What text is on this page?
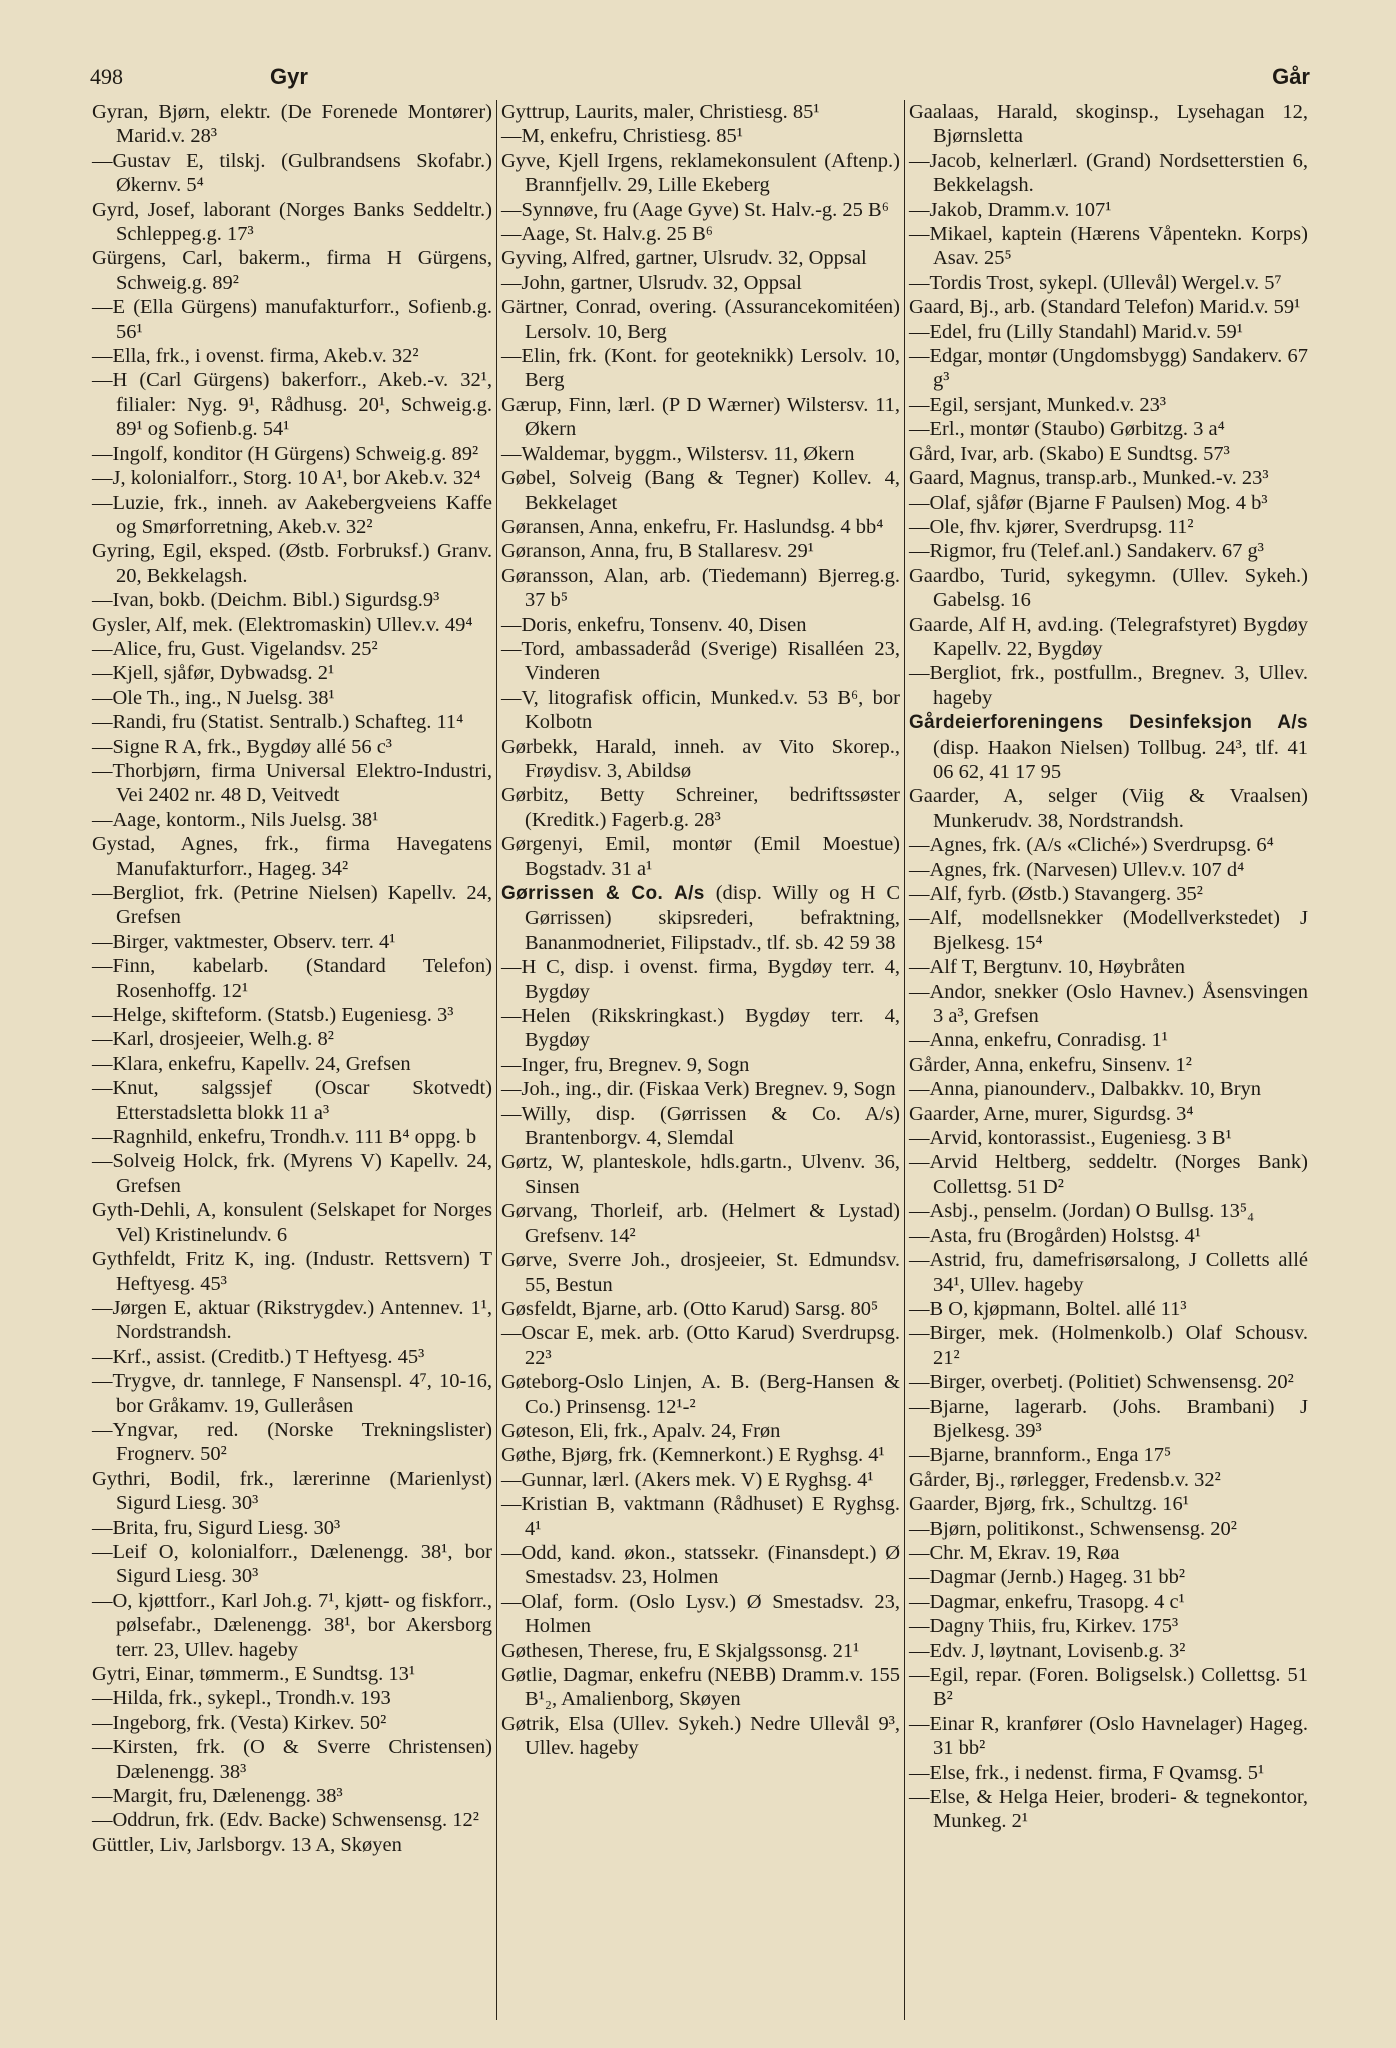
498	Gyr	Går

Gyran, Bjørn, elektr. (De Forenede Montører) Marid.v. 28³

—Gustav E, tilskj. (Gulbrandsens Skofabr.) Økernv. 5⁴

Gyrd, Josef, laborant (Norges Banks Seddeltr.) Schleppeg.g. 17³

Gürgens, Carl, bakerm., firma H Gürgens, Schweig.g. 89²

—E (Ella Gürgens) manufakturforr., Sofienb.g. 56¹

—Ella, frk., i ovenst. firma, Akeb.v. 32²

—H (Carl Gürgens) bakerforr., Akeb.-v. 32¹, filialer: Nyg. 9¹, Rådhusg. 20¹, Schweig.g. 89¹ og Sofienb.g. 54¹

—Ingolf, konditor (H Gürgens) Schweig.g. 89²

—J, kolonialforr., Storg. 10 A¹, bor Akeb.v. 32⁴

—Luzie, frk., inneh. av Aakebergveiens Kaffe og Smørforretning, Akeb.v. 32²

Gyring, Egil, eksped. (Østb. Forbruksf.) Granv. 20, Bekkelagsh.

—Ivan, bokb. (Deichm. Bibl.) Sigurdsg.9³

Gysler, Alf, mek. (Elektromaskin) Ullev.v. 49⁴

—Alice, fru, Gust. Vigelandsv. 25²

—Kjell, sjåfør, Dybwadsg. 2¹

—Ole Th., ing., N Juelsg. 38¹

—Randi, fru (Statist. Sentralb.) Schafteg. 11⁴

—Signe R A, frk., Bygdøy allé 56 c³

—Thorbjørn, firma Universal Elektro-Industri, Vei 2402 nr. 48 D, Veitvedt

—Aage, kontorm., Nils Juelsg. 38¹

Gystad, Agnes, frk., firma Havegatens Manufakturforr., Hageg. 34²

—Bergliot, frk. (Petrine Nielsen) Kapellv. 24, Grefsen

—Birger, vaktmester, Observ. terr. 4¹

—Finn, kabelarb. (Standard Telefon) Rosenhoffg. 12¹

—Helge, skifteform. (Statsb.) Eugeniesg. 3³

—Karl, drosjeeier, Welh.g. 8²

—Klara, enkefru, Kapellv. 24, Grefsen

—Knut, salgssjef (Oscar Skotvedt) Etterstadsletta blokk 11 a³

—Ragnhild, enkefru, Trondh.v. 111 B⁴ oppg. b

—Solveig Holck, frk. (Myrens V) Kapellv. 24, Grefsen

Gyth-Dehli, A, konsulent (Selskapet for Norges Vel) Kristinelundv. 6

Gythfeldt, Fritz K, ing. (Industr. Rettsvern) T Heftyesg. 45³

—Jørgen E, aktuar (Rikstrygdev.) Antennev. 1¹, Nordstrandsh.

—Krf., assist. (Creditb.) T Heftyesg. 45³

—Trygve, dr. tannlege, F Nansenspl. 4⁷, 10-16, bor Gråkamv. 19, Gulleråsen

—Yngvar, red. (Norske Trekningslister) Frognerv. 50²

Gythri, Bodil, frk., lærerinne (Marienlyst) Sigurd Liesg. 30³

—Brita, fru, Sigurd Liesg. 30³

—Leif O, kolonialforr., Dælenengg. 38¹, bor Sigurd Liesg. 30³

—O, kjøttforr., Karl Joh.g. 7¹, kjøtt- og fiskforr., pølsefabr., Dælenengg. 38¹, bor Akersborg terr. 23, Ullev. hageby

Gytri, Einar, tømmerm., E Sundtsg. 13¹

—Hilda, frk., sykepl., Trondh.v. 193

—Ingeborg, frk. (Vesta) Kirkev. 50²

—Kirsten, frk. (O & Sverre Christensen) Dælenengg. 38³

—Margit, fru, Dælenengg. 38³

—Oddrun, frk. (Edv. Backe) Schwensensg. 12²

Güttler, Liv, Jarlsborgv. 13 A, Skøyen

Gyttrup, Laurits, maler, Christiesg. 85¹

—M, enkefru, Christiesg. 85¹

Gyve, Kjell Irgens, reklamekonsulent (Aftenp.) Brannfjellv. 29, Lille Ekeberg

—Synnøve, fru (Aage Gyve) St. Halv.-g. 25 B⁶

—Aage, St. Halv.g. 25 B⁶

Gyving, Alfred, gartner, Ulsrudv. 32, Oppsal

—John, gartner, Ulsrudv. 32, Oppsal

Gärtner, Conrad, overing. (Assurancekomitéen) Lersolv. 10, Berg

—Elin, frk. (Kont. for geoteknikk) Lersolv. 10, Berg

Gærup, Finn, lærl. (P D Wærner) Wilstersv. 11, Økern

—Waldemar, byggm., Wilstersv. 11, Økern

Gøbel, Solveig (Bang & Tegner) Kollev. 4, Bekkelaget

Gøransen, Anna, enkefru, Fr. Haslundsg. 4 bb⁴

Gøranson, Anna, fru, B Stallaresv. 29¹

Gøransson, Alan, arb. (Tiedemann) Bjerreg.g. 37 b⁵

—Doris, enkefru, Tonsenv. 40, Disen

—Tord, ambassaderåd (Sverige) Risalléen 23, Vinderen

—V, litografisk officin, Munked.v. 53 B⁶, bor Kolbotn

Gørbekk, Harald, inneh. av Vito Skorep., Frøydisv. 3, Abildsø

Gørbitz, Betty Schreiner, bedriftssøster (Kreditk.) Fagerb.g. 28³

Gørgenyi, Emil, montør (Emil Moestue) Bogstadv. 31 a¹

Gørrissen & Co. A/s (disp. Willy og H C Gørrissen) skipsrederi, befraktning, Bananmodneriet, Filipstadv., tlf. sb. 42 59 38

—H C, disp. i ovenst. firma, Bygdøy terr. 4, Bygdøy

—Helen (Rikskringkast.) Bygdøy terr. 4, Bygdøy

—Inger, fru, Bregnev. 9, Sogn

—Joh., ing., dir. (Fiskaa Verk) Bregnev. 9, Sogn

—Willy, disp. (Gørrissen & Co. A/s) Brantenborgv. 4, Slemdal

Gørtz, W, planteskole, hdls.gartn., Ulvenv. 36, Sinsen

Gørvang, Thorleif, arb. (Helmert & Lystad) Grefsenv. 14²

Gørve, Sverre Joh., drosjeeier, St. Edmundsv. 55, Bestun

Gøsfeldt, Bjarne, arb. (Otto Karud) Sarsg. 80⁵

—Oscar E, mek. arb. (Otto Karud) Sverdrupsg. 22³

Gøteborg-Oslo Linjen, A. B. (Berg-Hansen & Co.) Prinsensg. 12¹-²

Gøteson, Eli, frk., Apalv. 24, Frøn

Gøthe, Bjørg, frk. (Kemnerkont.) E Ryghsg. 4¹

—Gunnar, lærl. (Akers mek. V) E Ryghsg. 4¹

—Kristian B, vaktmann (Rådhuset) E Ryghsg. 4¹

—Odd, kand. økon., statssekr. (Finansdept.) Ø Smestadsv. 23, Holmen

—Olaf, form. (Oslo Lysv.) Ø Smestadsv. 23, Holmen

Gøthesen, Therese, fru, E Skjalgssonsg. 21¹

Gøtlie, Dagmar, enkefru (NEBB) Dramm.v. 155 B¹₂, Amalienborg, Skøyen

Gøtrik, Elsa (Ullev. Sykeh.) Nedre Ullevål 9³, Ullev. hageby

Gaalaas, Harald, skoginsp., Lysehagan 12, Bjørnsletta

—Jacob, kelnerlærl. (Grand) Nordsetterstien 6, Bekkelagsh.

—Jakob, Dramm.v. 107¹

—Mikael, kaptein (Hærens Våpentekn. Korps) Asav. 25⁵

—Tordis Trost, sykepl. (Ullevål) Wergel.v. 5⁷

Gaard, Bj., arb. (Standard Telefon) Marid.v. 59¹

—Edel, fru (Lilly Standahl) Marid.v. 59¹

—Edgar, montør (Ungdomsbygg) Sandakerv. 67 g³

—Egil, sersjant, Munked.v. 23³

—Erl., montør (Staubo) Gørbitzg. 3 a⁴

Gård, Ivar, arb. (Skabo) E Sundtsg. 57³

Gaard, Magnus, transp.arb., Munked.-v. 23³

—Olaf, sjåfør (Bjarne F Paulsen) Mog. 4 b³

—Ole, fhv. kjører, Sverdrupsg. 11²

—Rigmor, fru (Telef.anl.) Sandakerv. 67 g³

Gaardbo, Turid, sykegymn. (Ullev. Sykeh.) Gabelsg. 16

Gaarde, Alf H, avd.ing. (Telegrafstyret) Bygdøy Kapellv. 22, Bygdøy

—Bergliot, frk., postfullm., Bregnev. 3, Ullev. hageby

Gårdeierforeningens Desinfeksjon A/s (disp. Haakon Nielsen) Tollbug. 24³, tlf. 41 06 62, 41 17 95

Gaarder, A, selger (Viig & Vraalsen) Munkerudv. 38, Nordstrandsh.

—Agnes, frk. (A/s «Cliché») Sverdrupsg. 6⁴

—Agnes, frk. (Narvesen) Ullev.v. 107 d⁴

—Alf, fyrb. (Østb.) Stavangerg. 35²

—Alf, modellsnekker (Modellverkstedet) J Bjelkesg. 15⁴

—Alf T, Bergtunv. 10, Høybråten

—Andor, snekker (Oslo Havnev.) Åsensvingen 3 a³, Grefsen

—Anna, enkefru, Conradisg. 1¹

Gårder, Anna, enkefru, Sinsenv. 1²

—Anna, pianounderv., Dalbakkv. 10, Bryn

Gaarder, Arne, murer, Sigurdsg. 3⁴

—Arvid, kontorassist., Eugeniesg. 3 B¹

—Arvid Heltberg, seddeltr. (Norges Bank) Collettsg. 51 D²

—Asbj., penselm. (Jordan) O Bullsg. 13⁵₄

—Asta, fru (Brogården) Holstsg. 4¹

—Astrid, fru, damefrisørsalong, J Colletts allé 34¹, Ullev. hageby

—B O, kjøpmann, Boltel. allé 11³

—Birger, mek. (Holmenkolb.) Olaf Schousv. 21²

—Birger, overbetj. (Politiet) Schwensensg. 20²

—Bjarne, lagerarb. (Johs. Brambani) J Bjelkesg. 39³

—Bjarne, brannform., Enga 17⁵

Gårder, Bj., rørlegger, Fredensb.v. 32²

Gaarder, Bjørg, frk., Schultzg. 16¹

—Bjørn, politikonst., Schwensensg. 20²

—Chr. M, Ekrav. 19, Røa

—Dagmar (Jernb.) Hageg. 31 bb²

—Dagmar, enkefru, Trasopg. 4 c¹

—Dagny Thiis, fru, Kirkev. 175³

—Edv. J, løytnant, Lovisenb.g. 3²

—Egil, repar. (Foren. Boligselsk.) Collettsg. 51 B²

—Einar R, kranfører (Oslo Havnelager) Hageg. 31 bb²

—Else, frk., i nedenst. firma, F Qvamsg. 5¹

—Else, & Helga Heier, broderi- & tegnekontor, Munkeg. 2¹
